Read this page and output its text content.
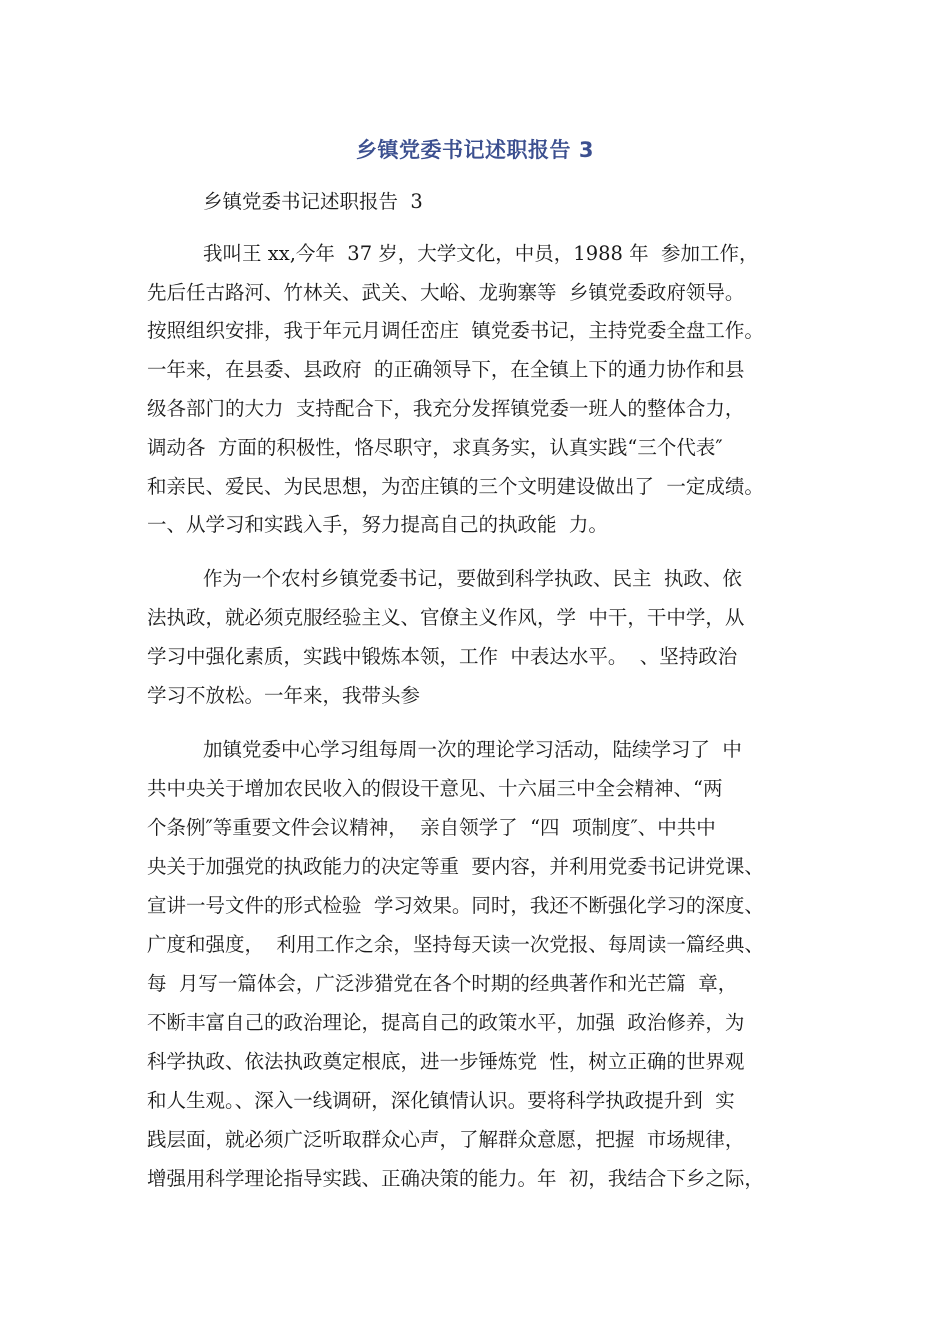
乡镇党委书记述职报告 3
乡镇党委书记述职报告  3
我叫王 xx,今年  37 岁，大学文化，中员，1988 年  参加工作，
先后任古路河、竹林关、武关、大峪、龙驹寨等  乡镇党委政府领导。
按照组织安排，我于年元月调任峦庄  镇党委书记，主持党委全盘工作。
一年来，在县委、县政府  的正确领导下，在全镇上下的通力协作和县
级各部门的大力  支持配合下，我充分发挥镇党委一班人的整体合力，
调动各  方面的积极性，恪尽职守，求真务实，认真实践“三个代表″
和亲民、爱民、为民思想，为峦庄镇的三个文明建设做出了  一定成绩。
一、从学习和实践入手，努力提高自己的执政能  力。
作为一个农村乡镇党委书记，要做到科学执政、民主  执政、依
法执政，就必须克服经验主义、官僚主义作风，学  中干，干中学，从
学习中强化素质，实践中锻炼本领，工作  中表达水平。  、坚持政治
学习不放松。一年来，我带头参
加镇党委中心学习组每周一次的理论学习活动，陆续学习了  中
共中央关于增加农民收入的假设干意见、十六届三中全会精神、“两
个条例″等重要文件会议精神，  亲自领学了  “四  项制度″、中共中
央关于加强党的执政能力的决定等重  要内容，并利用党委书记讲党课、
宣讲一号文件的形式检验  学习效果。同时，我还不断强化学习的深度、
广度和强度，  利用工作之余，坚持每天读一次党报、每周读一篇经典、
每  月写一篇体会，广泛涉猎党在各个时期的经典著作和光芒篇  章，
不断丰富自己的政治理论，提高自己的政策水平，加强  政治修养，为
科学执政、依法执政奠定根底，进一步锤炼党  性，树立正确的世界观
和人生观。、深入一线调研，深化镇情认识。要将科学执政提升到  实
践层面，就必须广泛听取群众心声，了解群众意愿，把握  市场规律，
增强用科学理论指导实践、正确决策的能力。年  初，我结合下乡之际，
